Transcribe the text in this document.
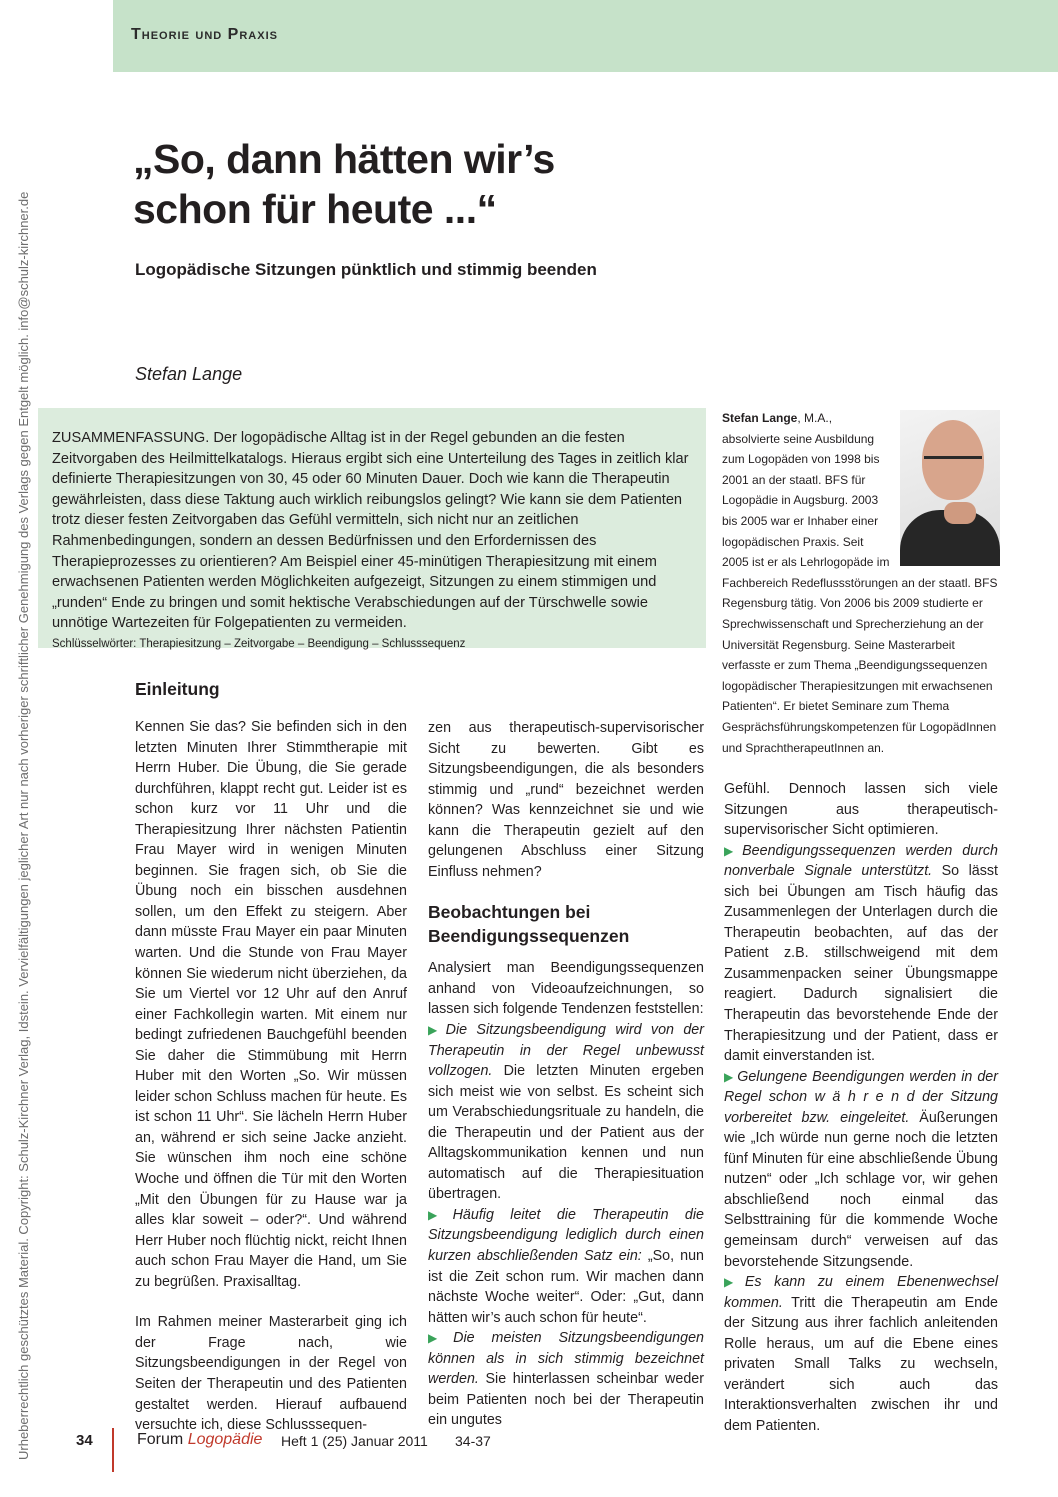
Theorie und Praxis
Urheberrechtlich geschütztes Material. Copyright: Schulz-Kirchner Verlag, Idstein. Vervielfältigungen jeglicher Art nur nach vorheriger schriftlicher Genehmigung des Verlags gegen Entgelt möglich. info@schulz-kirchner.de
„So, dann hätten wir’s
schon für heute ...“
Logopädische Sitzungen pünktlich und stimmig beenden
Stefan Lange

ZUSAMMENFASSUNG. Der logopädische Alltag ist in der Regel gebunden an die festen Zeitvorgaben des Heilmittelkatalogs. Hieraus ergibt sich eine Unterteilung des Tages in zeitlich klar definierte Therapiesitzungen von 30, 45 oder 60 Minuten Dauer. Doch wie kann die Therapeutin gewährleisten, dass diese Taktung auch wirklich reibungslos gelingt? Wie kann sie dem Patienten trotz dieser festen Zeitvorgaben das Gefühl vermitteln, sich nicht nur an zeitlichen Rahmenbedingungen, sondern an dessen Bedürfnissen und den Erfordernissen des Therapieprozesses zu orientieren? Am Beispiel einer 45-minütigen Therapiesitzung mit einem erwachsenen Patienten werden Möglichkeiten aufgezeigt, Sitzungen zu einem stimmigen und „runden“ Ende zu bringen und somit hektische Verabschiedungen auf der Türschwelle sowie unnötige Wartezeiten für Folgepatienten zu vermeiden.

Schlüsselwörter: Therapiesitzung – Zeitvorgabe – Beendigung – Schlusssequenz

Stefan Lange, M.A., absolvierte seine Ausbildung zum Logopäden von 1998 bis 2001 an der staatl. BFS für Logopädie in Augsburg. 2003 bis 2005 war er Inhaber einer logopädischen Praxis. Seit 2005 ist er als Lehrlogopäde im Fachbereich Redeflussstörungen an der staatl. BFS Regensburg tätig. Von 2006 bis 2009 studierte er Sprechwissenschaft und Sprecherziehung an der Universität Regensburg. Seine Masterarbeit verfasste er zum Thema „Beendigungssequenzen logopädischer Therapiesitzungen mit erwachsenen Patienten“. Er bietet Seminare zum Thema Gesprächsführungskompetenzen für LogopädInnen und SprachtherapeutInnen an.
Einleitung

Kennen Sie das? Sie befinden sich in den letzten Minuten Ihrer Stimmtherapie mit Herrn Huber. Die Übung, die Sie gerade durchführen, klappt recht gut. Leider ist es schon kurz vor 11 Uhr und die Therapiesitzung Ihrer nächsten Patientin Frau Mayer wird in wenigen Minuten beginnen. Sie fragen sich, ob Sie die Übung noch ein bisschen ausdehnen sollen, um den Effekt zu steigern. Aber dann müsste Frau Mayer ein paar Minuten warten. Und die Stunde von Frau Mayer können Sie wiederum nicht überziehen, da Sie um Viertel vor 12 Uhr auf den Anruf einer Fachkollegin warten. Mit einem nur bedingt zufriedenen Bauchgefühl beenden Sie daher die Stimmübung mit Herrn Huber mit den Worten „So. Wir müssen leider schon Schluss machen für heute. Es ist schon 11 Uhr“. Sie lächeln Herrn Huber an, während er sich seine Jacke anzieht. Sie wünschen ihm noch eine schöne Woche und öffnen die Tür mit den Worten „Mit den Übungen für zu Hause war ja alles klar soweit – oder?“. Und während Herr Huber noch flüchtig nickt, reicht Ihnen auch schon Frau Mayer die Hand, um Sie zu begrüßen. Praxisalltag.

Im Rahmen meiner Masterarbeit ging ich der Frage nach, wie Sitzungsbeendigungen in der Regel von Seiten der Therapeutin und des Patienten gestaltet werden. Hierauf aufbauend versuchte ich, diese Schlusssequen-

zen aus therapeutisch-supervisorischer Sicht zu bewerten. Gibt es Sitzungsbeendigungen, die als besonders stimmig und „rund“ bezeichnet werden können? Was kennzeichnet sie und wie kann die Therapeutin gezielt auf den gelungenen Abschluss einer Sitzung Einfluss nehmen?

Beobachtungen bei Beendigungssequenzen

Analysiert man Beendigungssequenzen anhand von Videoaufzeichnungen, so lassen sich folgende Tendenzen feststellen:

▶ Die Sitzungsbeendigung wird von der Therapeutin in der Regel unbewusst vollzogen. Die letzten Minuten ergeben sich meist wie von selbst. Es scheint sich um Verabschiedungsrituale zu handeln, die die Therapeutin und der Patient aus der Alltagskommunikation kennen und nun automatisch auf die Therapiesituation übertragen.

▶ Häufig leitet die Therapeutin die Sitzungsbeendigung lediglich durch einen kurzen abschließenden Satz ein: „So, nun ist die Zeit schon rum. Wir machen dann nächste Woche weiter“. Oder: „Gut, dann hätten wir’s auch schon für heute“.

▶ Die meisten Sitzungsbeendigungen können als in sich stimmig bezeichnet werden. Sie hinterlassen scheinbar weder beim Patienten noch bei der Therapeutin ein ungutes

Gefühl. Dennoch lassen sich viele Sitzungen aus therapeutisch-supervisorischer Sicht optimieren.

▶ Beendigungssequenzen werden durch nonverbale Signale unterstützt. So lässt sich bei Übungen am Tisch häufig das Zusammenlegen der Unterlagen durch die Therapeutin beobachten, auf das der Patient z.B. stillschweigend mit dem Zusammenpacken seiner Übungsmappe reagiert. Dadurch signalisiert die Therapeutin das bevorstehende Ende der Therapiesitzung und der Patient, dass er damit einverstanden ist.

▶ Gelungene Beendigungen werden in der Regel schon w ä h r e n d der Sitzung vorbereitet bzw. eingeleitet. Äußerungen wie „Ich würde nun gerne noch die letzten fünf Minuten für eine abschließende Übung nutzen“ oder „Ich schlage vor, wir gehen abschließend noch einmal das Selbsttraining für die kommende Woche gemeinsam durch“ verweisen auf das bevorstehende Sitzungsende.

▶ Es kann zu einem Ebenenwechsel kommen. Tritt die Therapeutin am Ende der Sitzung aus ihrer fachlich anleitenden Rolle heraus, um auf die Ebene eines privaten Small Talks zu wechseln, verändert sich auch das Interaktionsverhalten zwischen ihr und dem Patienten.

34	Forum Logopädie Heft 1 (25) Januar 2011 34-37
